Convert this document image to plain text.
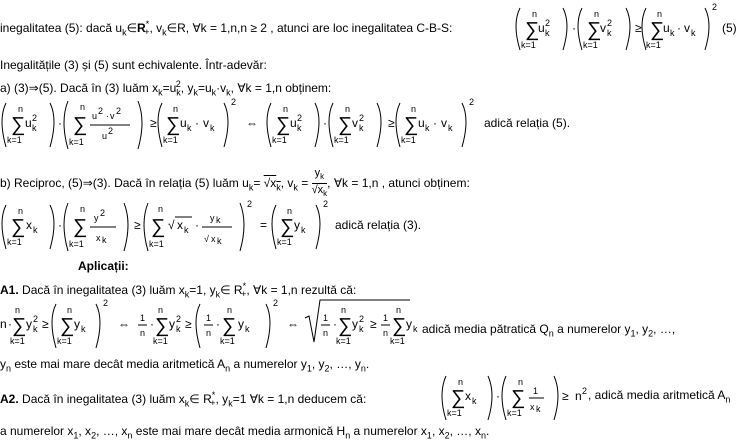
inegalitatea (5): dacă $u_k\in R^*_+$, $v_k\in R$, ∀k = 1,n,n ≥ 2 , atunci are loc inegalitatea C-B-S:
n
∑
u 2
k
k=1
·
n
∑
v 2
k
k=1
≥
n
∑
u k · v k
k=1
2
(5)
Inegalitățile (3) și (5) sunt echivalente. Într-adevăr:
a) (3)⇒(5). Dacă în (3) luăm $x_k=u_k^2$, $y_k=u_k\cdot v_k$, ∀k = 1,n obținem:
n
∑ u 2
k
k=1
·
n
∑ u 2 · v 2
u 2
k=1
≥
n
∑ u k · v k
k=1
2
⇔
n
∑ u 2
k
k=1
·
n
∑ v 2
k
k=1
≥
n
∑ u k · v k
k=1
2
adică relația (5).
b) Reciproc, (5)⇒(3). Dacă în relația (5) luăm $u_k= √x_k$, $v_k = \frac{y_k}{√x_k}$ , ∀k = 1,n , atunci obținem:
n
∑ x k
k=1
·
n
∑ y 2
x k
k=1
≥
n
∑ √ x k · y k
√ x k
k=1
2
=
n
∑ y k
k=1
2
adică relația (3).
Aplicații:
A1. Dacă în inegalitatea (3) luăm $x_k=1$, $y_k\in$ $R^*_+$, ∀k = 1,n rezultă că:
n ·
n
∑ y 2
k
k=1
≥
n
∑ y k
k=1
2
⇔ 1
n
·
n
∑ y 2
k
k=1
≥ 1
n
·
n
∑ y k
k=1
2
⇔	1
n
·
n
∑ y 2
k
k=1
≥ 1
n
n
∑ y k
k=1
adică media pătratică $Q_n$ a numerelor $y_1$, $y_2$, …,
$y_n$ este mai mare decât media aritmetică $A_n$ a numerelor $y_1$, $y_2$, …, $y_n$.
A2. Dacă în inegalitatea (3) luăm $x_k\in$ $R^*_+$, $y_k=1$ ∀k = 1,n deducem că:
n
∑ x k
k=1
·
n
∑ 1
x k
k=1
≥ n 2 , adică media aritmetică $A_n$
a numerelor $x_1$, $x_2$, …, $x_n$ este mai mare decât media armonică $H_n$ a numerelor $x_1$, $x_2$, …, $x_n$.
